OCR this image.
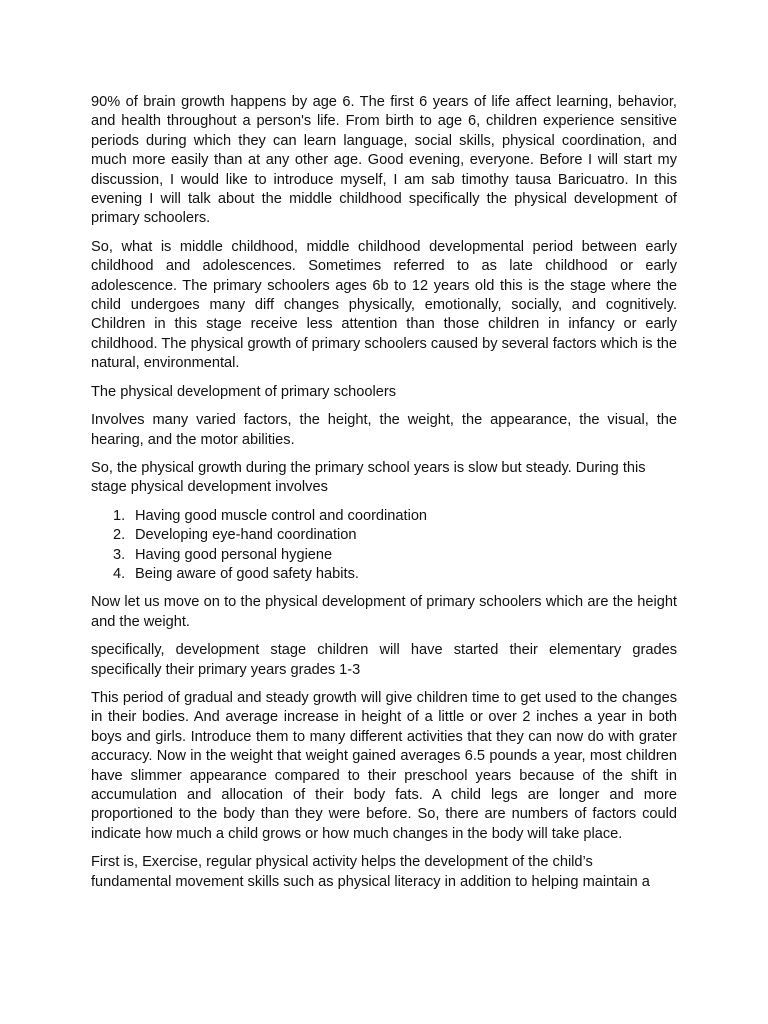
90% of brain growth happens by age 6. The first 6 years of life affect learning, behavior, and health throughout a person's life. From birth to age 6, children experience sensitive periods during which they can learn language, social skills, physical coordination, and much more easily than at any other age. Good evening, everyone. Before I will start my discussion, I would like to introduce myself, I am sab timothy tausa Baricuatro. In this evening I will talk about the middle childhood specifically the physical development of primary schoolers.

So, what is middle childhood, middle childhood developmental period between early childhood and adolescences. Sometimes referred to as late childhood or early adolescence. The primary schoolers ages 6b to 12 years old this is the stage where the child undergoes many diff changes physically, emotionally, socially, and cognitively. Children in this stage receive less attention than those children in infancy or early childhood. The physical growth of primary schoolers caused by several factors which is the natural, environmental.

The physical development of primary schoolers

Involves many varied factors, the height, the weight, the appearance, the visual, the hearing, and the motor abilities.

So, the physical growth during the primary school years is slow but steady. During this stage physical development involves

1. Having good muscle control and coordination
2. Developing eye-hand coordination
3. Having good personal hygiene
4. Being aware of good safety habits.

Now let us move on to the physical development of primary schoolers which are the height and the weight.

specifically, development stage children will have started their elementary grades specifically their primary years grades 1-3

This period of gradual and steady growth will give children time to get used to the changes in their bodies. And average increase in height of a little or over 2 inches a year in both boys and girls. Introduce them to many different activities that they can now do with grater accuracy. Now in the weight that weight gained averages 6.5 pounds a year, most children have slimmer appearance compared to their preschool years because of the shift in accumulation and allocation of their body fats. A child legs are longer and more proportioned to the body than they were before. So, there are numbers of factors could indicate how much a child grows or how much changes in the body will take place.

First is, Exercise, regular physical activity helps the development of the child’s fundamental movement skills such as physical literacy in addition to helping maintain a
